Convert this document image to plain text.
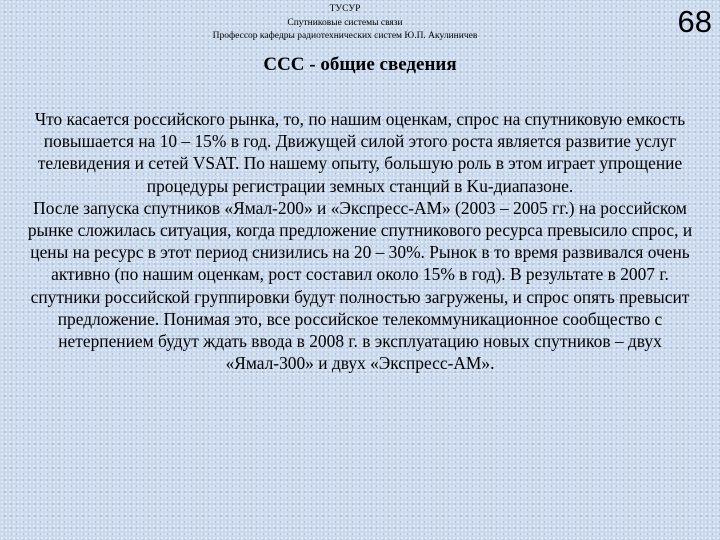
ТУСУР
Спутниковые системы связи
Профессор кафедры радиотехнических систем Ю.П. Акулиничев	68
ССС - общие сведения

Что касается российского рынка, то, по нашим оценкам, спрос на спутниковую емкость повышается на 10 – 15% в год. Движущей силой этого роста является развитие услуг телевидения и сетей VSAT. По нашему опыту, большую роль в этом играет упрощение процедуры регистрации земных станций в Ku-диапазоне.

После запуска спутников «Ямал-200» и «Экспресс-АМ» (2003 – 2005 гг.) на российском рынке сложилась ситуация, когда предложение спутникового ресурса превысило спрос, и цены на ресурс в этот период снизились на 20 – 30%. Рынок в то время развивался очень активно (по нашим оценкам, рост составил около 15% в год). В результате в 2007 г. спутники российской группировки будут полностью загружены, и спрос опять превысит предложение. Понимая это, все российское телекоммуникационное сообщество с нетерпением будут ждать ввода в 2008 г. в эксплуатацию новых спутников – двух «Ямал-300» и двух «Экспресс-АМ».
